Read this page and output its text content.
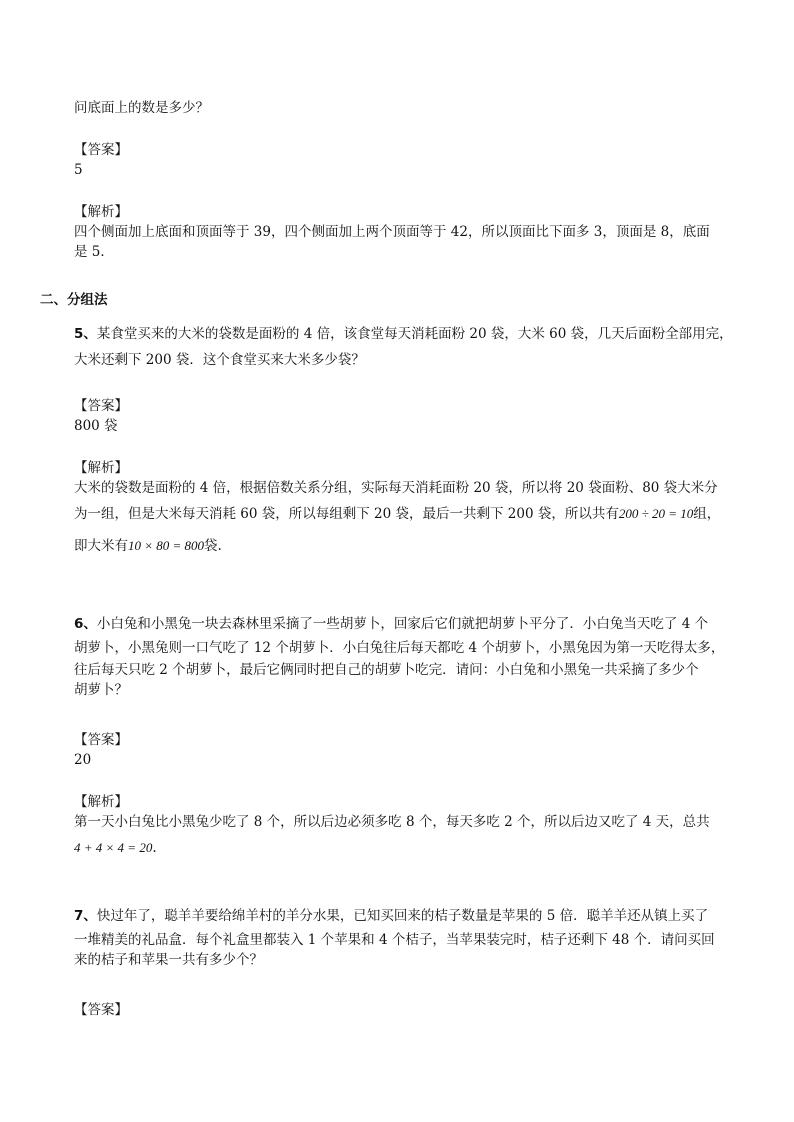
问底面上的数是多少？
【答案】
5
【解析】
四个侧面加上底面和顶面等于 39，四个侧面加上两个顶面等于 42，所以顶面比下面多 3，顶面是 8，底面
是 5．
二、分组法
5、某食堂买来的大米的袋数是面粉的 4 倍，该食堂每天消耗面粉 20 袋，大米 60 袋，几天后面粉全部用完，
大米还剩下 200 袋．这个食堂买来大米多少袋？
【答案】
800 袋
【解析】
大米的袋数是面粉的 4 倍，根据倍数关系分组，实际每天消耗面粉 20 袋，所以将 20 袋面粉、80 袋大米分
为一组，但是大米每天消耗 60 袋，所以每组剩下 20 袋，最后一共剩下 200 袋，所以共有200 ÷ 20 = 10组，
即大米有10 × 80 = 800袋.
6、小白兔和小黑兔一块去森林里采摘了一些胡萝卜，回家后它们就把胡萝卜平分了．小白兔当天吃了 4 个
胡萝卜，小黑兔则一口气吃了 12 个胡萝卜．小白兔往后每天都吃 4 个胡萝卜，小黑兔因为第一天吃得太多，
往后每天只吃 2 个胡萝卜，最后它俩同时把自己的胡萝卜吃完．请问：小白兔和小黑兔一共采摘了多少个
胡萝卜？
【答案】
20
【解析】
第一天小白兔比小黑兔少吃了 8 个，所以后边必须多吃 8 个，每天多吃 2 个，所以后边又吃了 4 天，总共
4 + 4 × 4 = 20.
7、快过年了，聪羊羊要给绵羊村的羊分水果，已知买回来的桔子数量是苹果的 5 倍．聪羊羊还从镇上买了
一堆精美的礼品盒．每个礼盒里都装入 1 个苹果和 4 个桔子，当苹果装完时，桔子还剩下 48 个．请问买回
来的桔子和苹果一共有多少个？
【答案】
